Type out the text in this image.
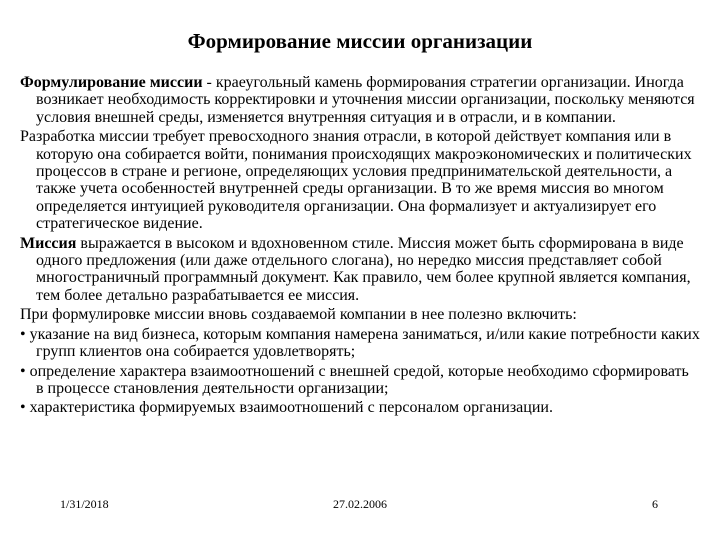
Формирование миссии организации

Формулирование миссии - краеугольный камень формирования стратегии организации. Иногда возникает необходимость корректировки и уточнения миссии организации, поскольку меняются условия внешней среды, изменяется внутренняя ситуация и в отрасли, и в компании.

Разработка миссии требует превосходного знания отрасли, в которой действует компания или в которую она собирается войти, понимания происходящих макроэкономических и политических процессов в стране и регионе, определяющих условия предпринимательской деятельности, а также учета особенностей внутренней среды организации. В то же время миссия во многом определяется интуицией руководителя организации. Она формализует и актуализирует его стратегическое видение.

Миссия выражается в высоком и вдохновенном стиле. Миссия может быть сформирована в виде одного предложения (или даже отдельного слогана), но нередко миссия представляет собой многостраничный программный документ. Как правило, чем более крупной является компания, тем более детально разрабатывается ее миссия.

При формулировке миссии вновь создаваемой компании в нее полезно включить:

• указание на вид бизнеса, которым компания намерена заниматься, и/или какие потребности каких групп клиентов она собирается удовлетворять;

• определение характера взаимоотношений с внешней средой, которые необходимо сформировать в процессе становления деятельности организации;

• характеристика формируемых взаимоотношений с персоналом организации.

1/31/2018	27.02.2006	6
